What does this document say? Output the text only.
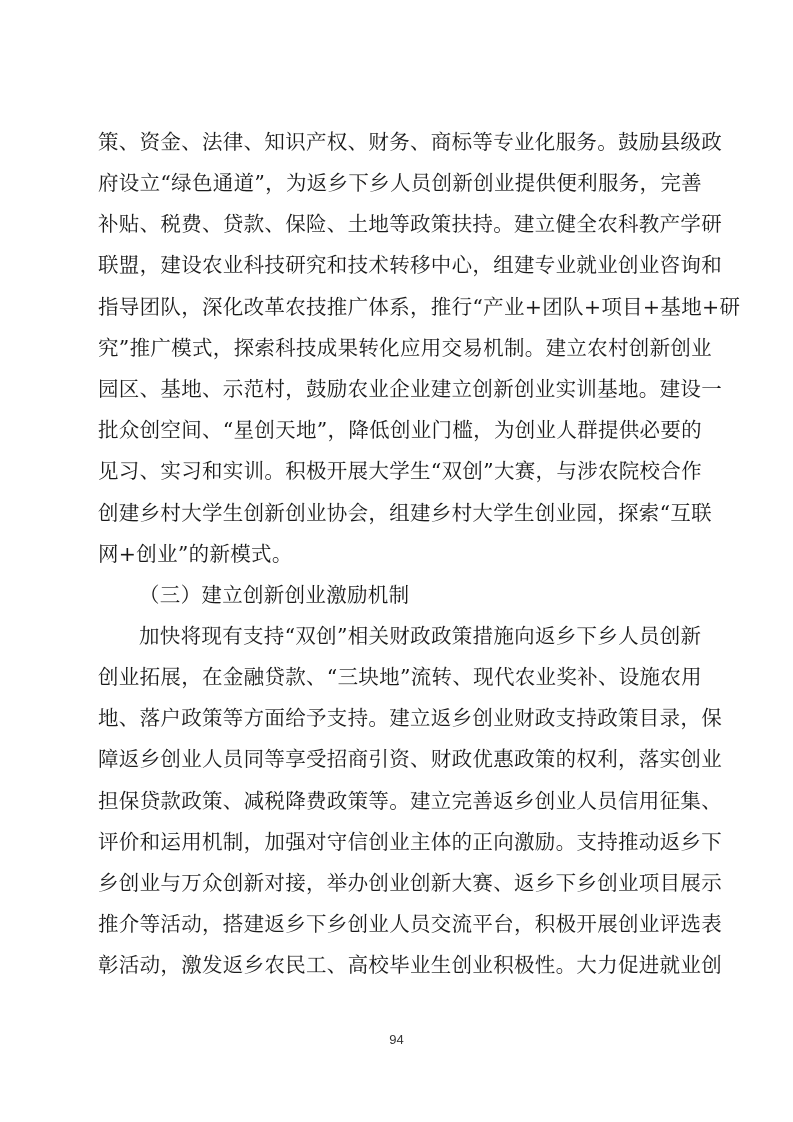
策、资金、法律、知识产权、财务、商标等专业化服务。鼓励县级政
府设立“绿色通道”，为返乡下乡人员创新创业提供便利服务，完善
补贴、税费、贷款、保险、土地等政策扶持。建立健全农科教产学研
联盟，建设农业科技研究和技术转移中心，组建专业就业创业咨询和
指导团队，深化改革农技推广体系，推行“产业+团队+项目+基地+研
究”推广模式，探索科技成果转化应用交易机制。建立农村创新创业
园区、基地、示范村，鼓励农业企业建立创新创业实训基地。建设一
批众创空间、“星创天地”，降低创业门槛，为创业人群提供必要的
见习、实习和实训。积极开展大学生“双创”大赛，与涉农院校合作
创建乡村大学生创新创业协会，组建乡村大学生创业园，探索“互联
网+创业”的新模式。
（三）建立创新创业激励机制
加快将现有支持“双创”相关财政政策措施向返乡下乡人员创新
创业拓展，在金融贷款、“三块地”流转、现代农业奖补、设施农用
地、落户政策等方面给予支持。建立返乡创业财政支持政策目录，保
障返乡创业人员同等享受招商引资、财政优惠政策的权利，落实创业
担保贷款政策、减税降费政策等。建立完善返乡创业人员信用征集、
评价和运用机制，加强对守信创业主体的正向激励。支持推动返乡下
乡创业与万众创新对接，举办创业创新大赛、返乡下乡创业项目展示
推介等活动，搭建返乡下乡创业人员交流平台，积极开展创业评选表
彰活动，激发返乡农民工、高校毕业生创业积极性。大力促进就业创
94
